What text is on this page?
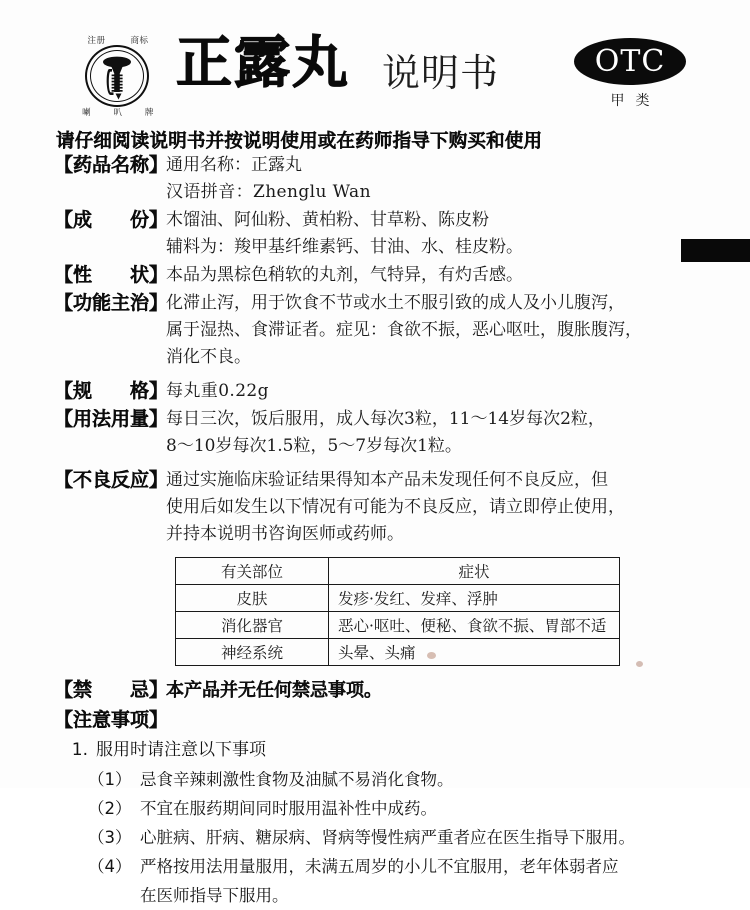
注册	商标
喇	叭	牌
正露丸 说明书	OTC
甲类
请仔细阅读说明书并按说明使用或在药师指导下购买和使用
【药品名称】
通用名称：正露丸
汉语拼音：Zhenglu Wan
【成份】
木馏油、阿仙粉、黄柏粉、甘草粉、陈皮粉
辅料为：羧甲基纤维素钙、甘油、水、桂皮粉。
【性状】
本品为黑棕色稍软的丸剂，气特异，有灼舌感。
【功能主治】
化滞止泻，用于饮食不节或水土不服引致的成人及小儿腹泻，
属于湿热、食滞证者。症见：食欲不振，恶心呕吐，腹胀腹泻，
消化不良。
【规格】
每丸重0.22g
【用法用量】
每日三次，饭后服用，成人每次3粒，11～14岁每次2粒，
8～10岁每次1.5粒，5～7岁每次1粒。
【不良反应】
通过实施临床验证结果得知本产品未发现任何不良反应，但
使用后如发生以下情况有可能为不良反应，请立即停止使用，
并持本说明书咨询医师或药师。
有关部位	症状
皮肤	发疹·发红、发痒、浮肿
消化器官	恶心·呕吐、便秘、食欲不振、胃部不适
神经系统	头晕、头痛
【禁忌】
本产品并无任何禁忌事项。
【注意事项】
1. 服用时请注意以下事项
（1） 忌食辛辣刺激性食物及油腻不易消化食物。
（2） 不宜在服药期间同时服用温补性中成药。
（3） 心脏病、肝病、糖尿病、肾病等慢性病严重者应在医生指导下服用。
（4） 严格按用法用量服用，未满五周岁的小儿不宜服用，老年体弱者应
在医师指导下服用。
